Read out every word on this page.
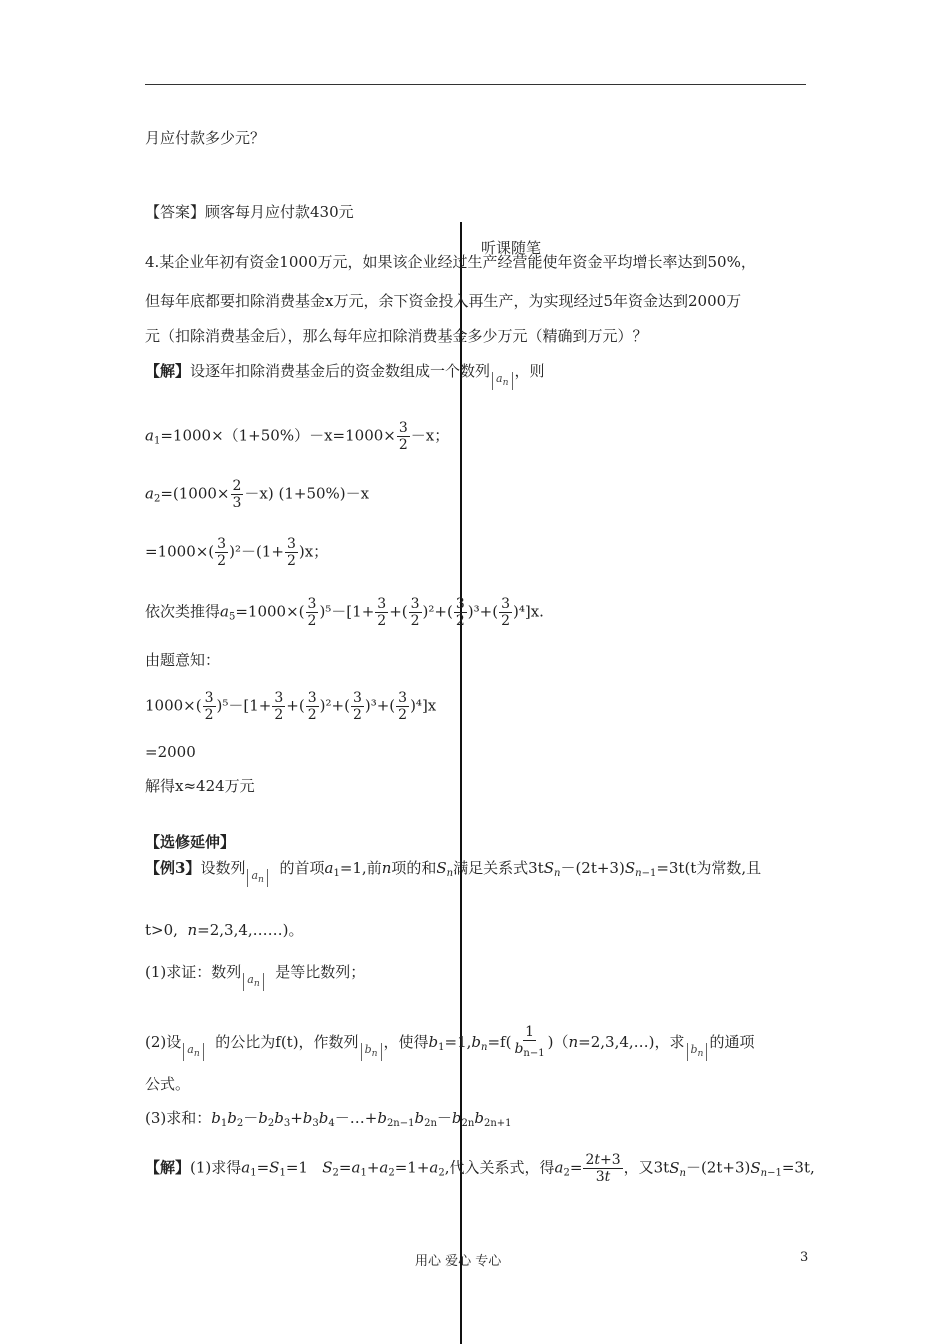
听课随笔
月应付款多少元？
【答案】顾客每月应付款430元
4.某企业年初有资金1000万元，如果该企业经过生产经营能使年资金平均增长率达到50%，
但每年底都要扣除消费基金x万元，余下资金投入再生产，为实现经过5年资金达到2000万
元（扣除消费基金后），那么每年应扣除消费基金多少万元（精确到万元）？
【解】设逐年扣除消费基金后的资金数组成一个数列 $a_n$，则
$a_1=1000\times(1+50\%)-x=1000\times \frac{3}{2} -x$；
$a_2=(1000\times \frac{2}{3} -x)$ (1+50%)－x
$=1000\times( \frac{3}{2} )^2-(1+ \frac{3}{2} )x$；
依次类推得$a_5=1000\times( \frac{3}{2} )^5-[1+ \frac{3}{2}$ +( $\frac{3}{2} )^2+( \frac{3}{2} )^3+( \frac{3}{2} )^4]x$.
由题意知：
$1000\times( \frac{3}{2} )^5-[1+ \frac{3}{2}$ +( $\frac{3}{2} )^2+( \frac{3}{2} )^3+( \frac{3}{2} )^4]x$
=2000
解得x≈424万元
【选修延伸】
【例3】设数列 $a_n$  的首项$a_1=1$,前n项的和$S_n$满足关系式$3tS_n-(2t+3)S_{n-1}=3t(t$为常数,且
t>0, n=2,3,4,……)。
(1)求证：数列 $a_n$  是等比数列；
(2)设 $a_n$  的公比为f(t)，作数列 $b_n$，使得$b_1=1,b_n=f( \frac{1}{b_{n-1}}$ )（n=2,3,4,…)，求 $b_n$的通项
公式。
(3)求和：$b_1b_2-b_2b_3+b_3b_4-\dots+b_{2n-1}b_{2n}-b_{2n}b_{2n+1}$
【解】(1)求得$a_1=S_1=1$   $S_2=a_1+a_2=1+a_2$,代入关系式，得$a_2= \frac{2t+3}{3t}$ ，又$3tS_n-(2t+3)S_{n-1}=3t$,
用心 爱心 专心	3
